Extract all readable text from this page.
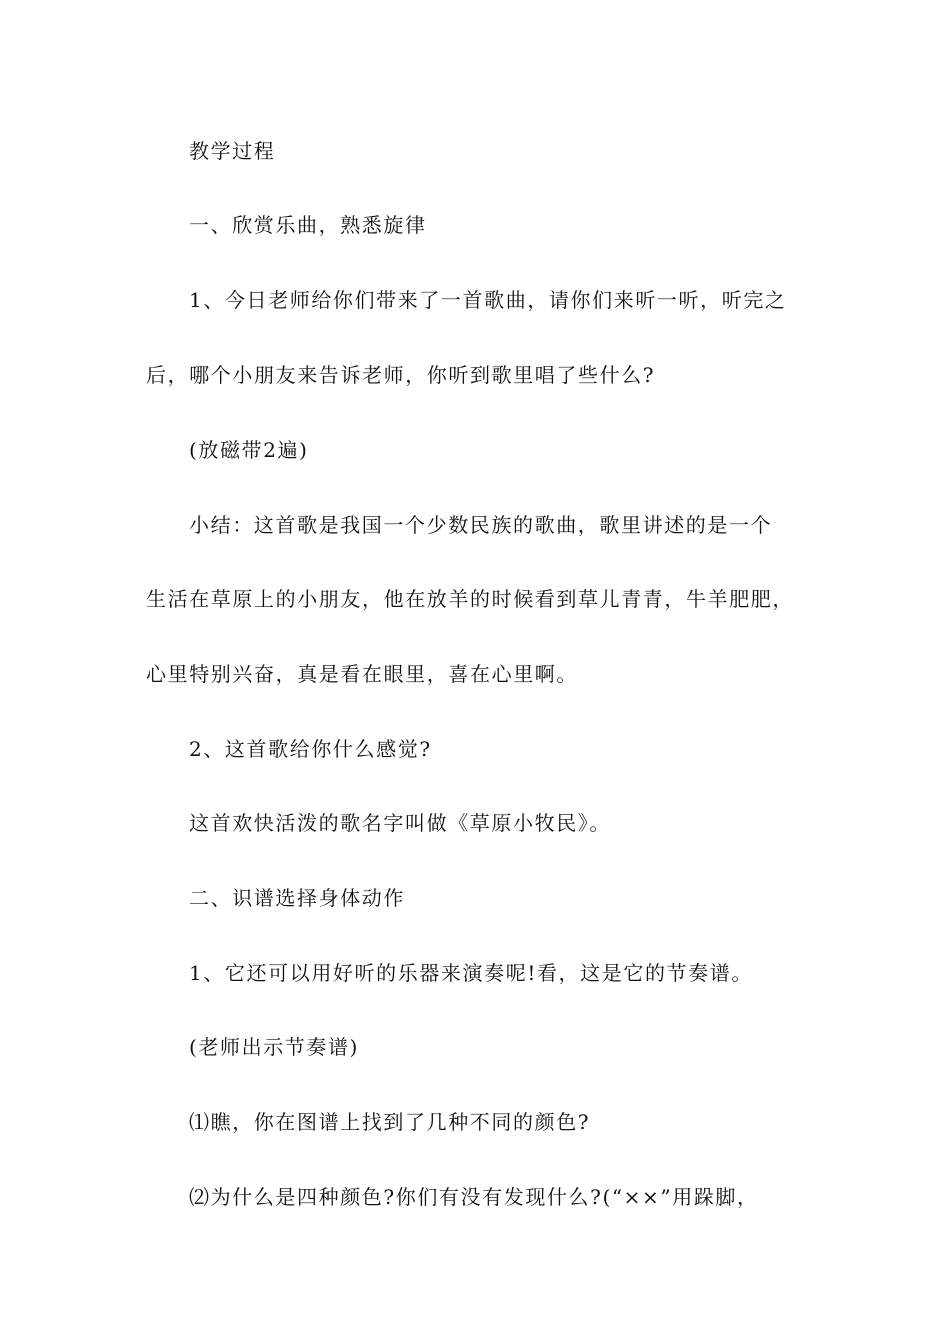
教学过程
一、欣赏乐曲，熟悉旋律
1、今日老师给你们带来了一首歌曲，请你们来听一听，听完之
后，哪个小朋友来告诉老师，你听到歌里唱了些什么?
(放磁带2遍)
小结：这首歌是我国一个少数民族的歌曲，歌里讲述的是一个
生活在草原上的小朋友，他在放羊的时候看到草儿青青，牛羊肥肥，
心里特别兴奋，真是看在眼里，喜在心里啊。
2、这首歌给你什么感觉?
这首欢快活泼的歌名字叫做《草原小牧民》。
二、识谱选择身体动作
1、它还可以用好听的乐器来演奏呢!看，这是它的节奏谱。
(老师出示节奏谱)
⑴瞧，你在图谱上找到了几种不同的颜色?
⑵为什么是四种颜色?你们有没有发现什么?(“××”用跺脚，
